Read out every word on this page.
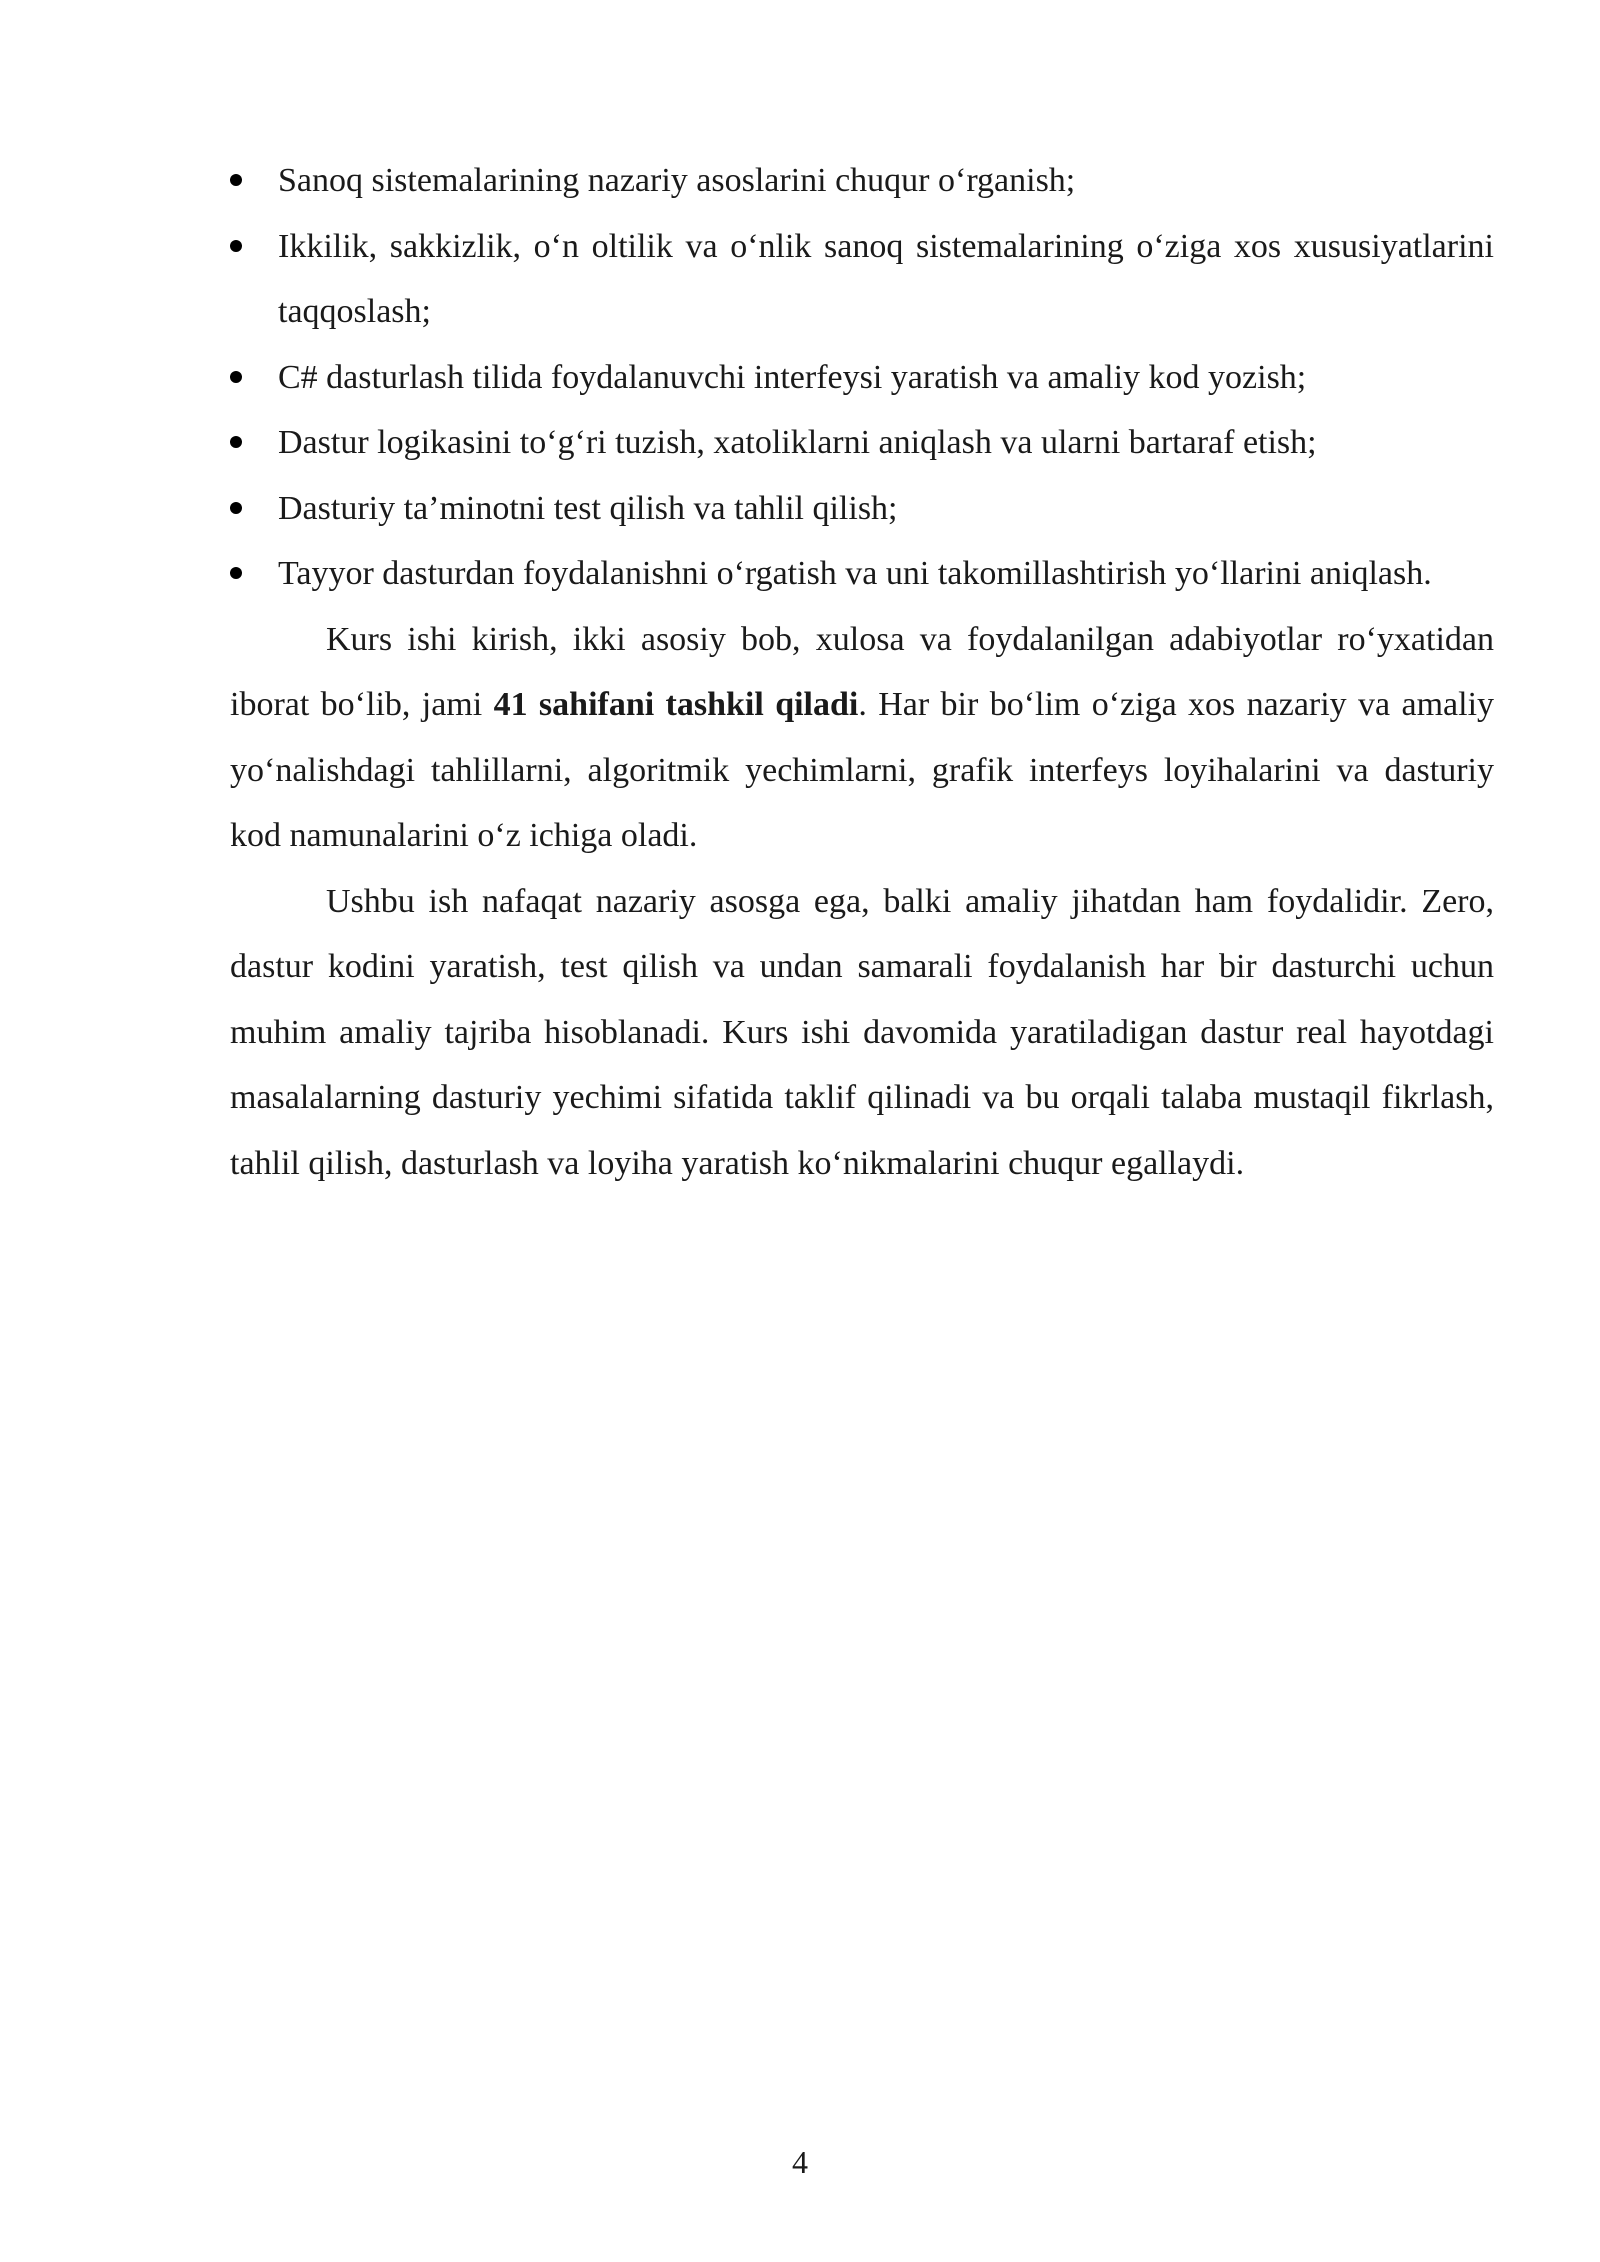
Sanoq sistemalarining nazariy asoslarini chuqur o‘rganish;
Ikkilik, sakkizlik, o‘n oltilik va o‘nlik sanoq sistemalarining o‘ziga xos xususiyatlarini taqqoslash;
C# dasturlash tilida foydalanuvchi interfeysi yaratish va amaliy kod yozish;
Dastur logikasini to‘g‘ri tuzish, xatoliklarni aniqlash va ularni bartaraf etish;
Dasturiy ta’minotni test qilish va tahlil qilish;
Tayyor dasturdan foydalanishni o‘rgatish va uni takomillashtirish yo‘llarini aniqlash.

Kurs ishi kirish, ikki asosiy bob, xulosa va foydalanilgan adabiyotlar ro‘yxatidan iborat bo‘lib, jami 41 sahifani tashkil qiladi. Har bir bo‘lim o‘ziga xos nazariy va amaliy yo‘nalishdagi tahlillarni, algoritmik yechimlarni, grafik interfeys loyihalarini va dasturiy kod namunalarini o‘z ichiga oladi.

Ushbu ish nafaqat nazariy asosga ega, balki amaliy jihatdan ham foydalidir. Zero, dastur kodini yaratish, test qilish va undan samarali foydalanish har bir dasturchi uchun muhim amaliy tajriba hisoblanadi. Kurs ishi davomida yaratiladigan dastur real hayotdagi masalalarning dasturiy yechimi sifatida taklif qilinadi va bu orqali talaba mustaqil fikrlash, tahlil qilish, dasturlash va loyiha yaratish ko‘nikmalarini chuqur egallaydi.

4
